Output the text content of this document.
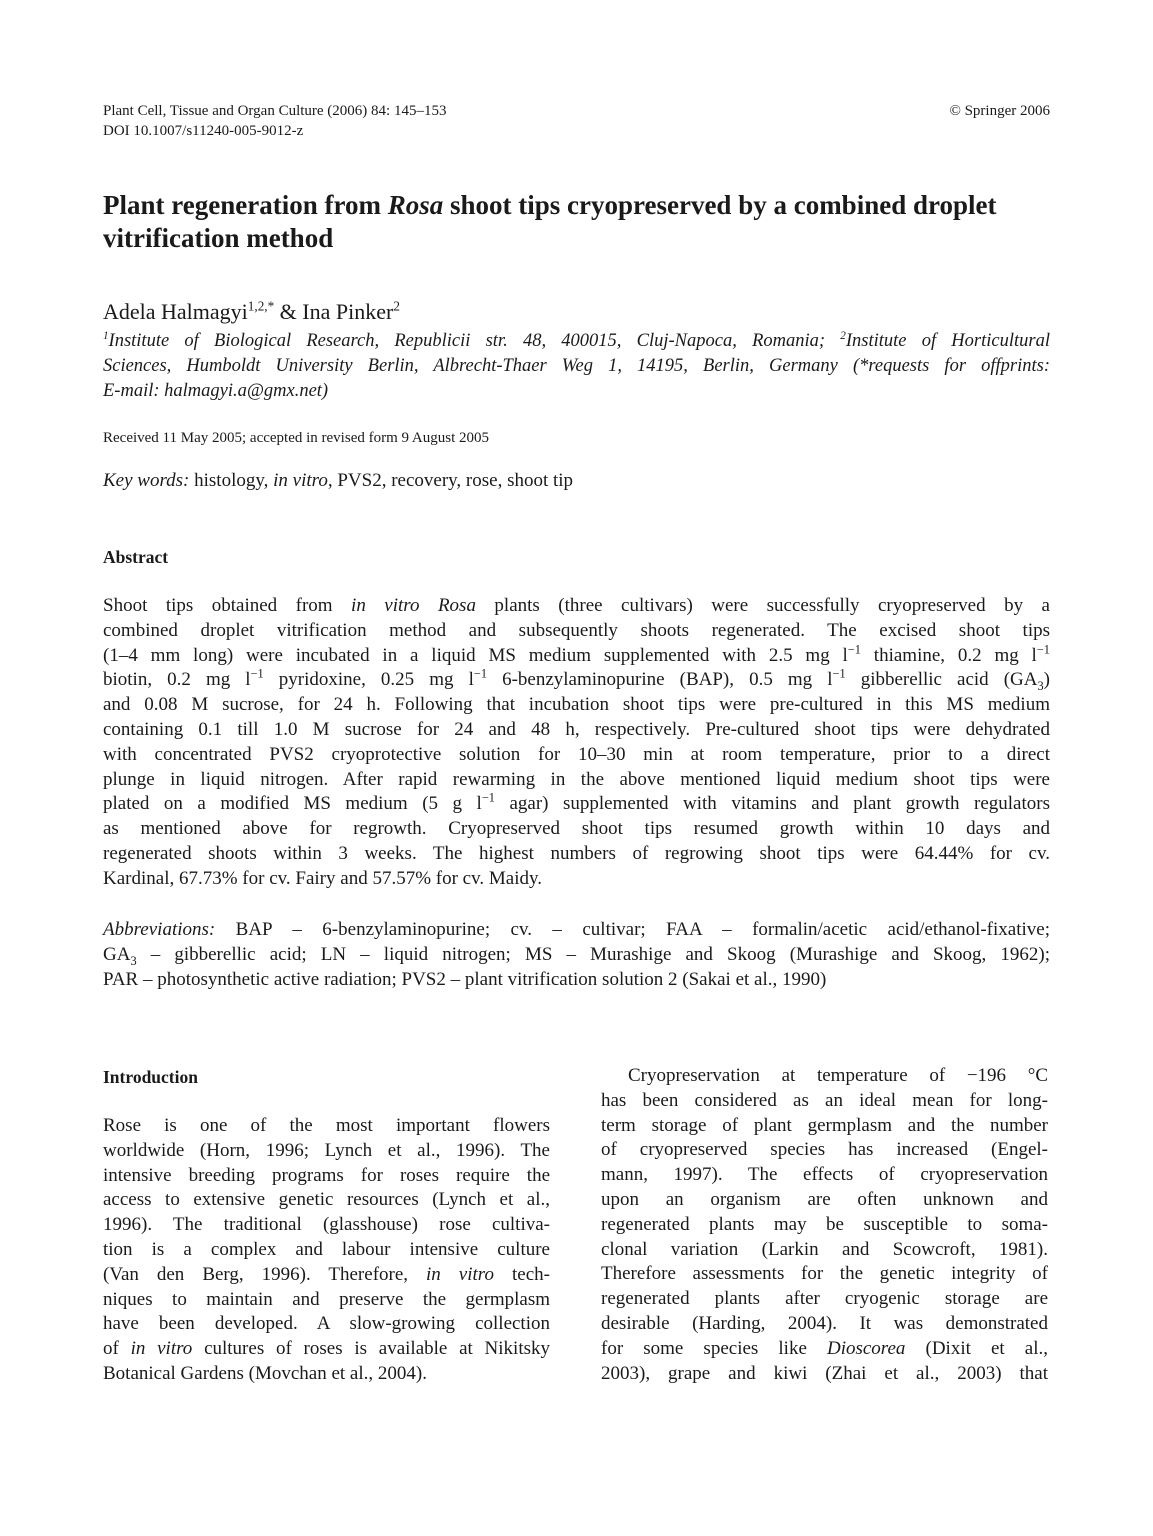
Plant Cell, Tissue and Organ Culture (2006) 84: 145–153
DOI 10.1007/s11240-005-9012-z
© Springer 2006
Plant regeneration from Rosa shoot tips cryopreserved by a combined droplet
vitrification method
Adela Halmagyi$^{1,2,*}$ & Ina Pinker$^2$
$^1$Institute of Biological Research, Republicii str. 48, 400015, Cluj-Napoca, Romania; $^2$Institute of Horticultural
Sciences, Humboldt University Berlin, Albrecht-Thaer Weg 1, 14195, Berlin, Germany (*requests for offprints:
E-mail: halmagyi.a@gmx.net)
Received 11 May 2005; accepted in revised form 9 August 2005
Key words: histology, in vitro, PVS2, recovery, rose, shoot tip
Abstract
Shoot tips obtained from in vitro Rosa plants (three cultivars) were successfully cryopreserved by a
combined droplet vitrification method and subsequently shoots regenerated. The excised shoot tips
(1–4 mm long) were incubated in a liquid MS medium supplemented with 2.5 mg $l^{-1}$ thiamine, 0.2 mg $l^{-1}$
biotin, 0.2 mg $l^{-1}$ pyridoxine, 0.25 mg $l^{-1}$ 6-benzylaminopurine (BAP), 0.5 mg $l^{-1}$ gibberellic acid $(GA_3)$
and 0.08 M sucrose, for 24 h. Following that incubation shoot tips were pre-cultured in this MS medium
containing 0.1 till 1.0 M sucrose for 24 and 48 h, respectively. Pre-cultured shoot tips were dehydrated
with concentrated PVS2 cryoprotective solution for 10–30 min at room temperature, prior to a direct
plunge in liquid nitrogen. After rapid rewarming in the above mentioned liquid medium shoot tips were
plated on a modified MS medium (5 g $l^{-1}$ agar) supplemented with vitamins and plant growth regulators
as mentioned above for regrowth. Cryopreserved shoot tips resumed growth within 10 days and
regenerated shoots within 3 weeks. The highest numbers of regrowing shoot tips were 64.44% for cv.
Kardinal, 67.73% for cv. Fairy and 57.57% for cv. Maidy.
Abbreviations: BAP – 6-benzylaminopurine; cv. – cultivar; FAA – formalin/acetic acid/ethanol-fixative;
$GA_3$ – gibberellic acid; LN – liquid nitrogen; MS – Murashige and Skoog (Murashige and Skoog, 1962);
PAR – photosynthetic active radiation; PVS2 – plant vitrification solution 2 (Sakai et al., 1990)
Introduction
Rose is one of the most important flowers
worldwide (Horn, 1996; Lynch et al., 1996). The
intensive breeding programs for roses require the
access to extensive genetic resources (Lynch et al.,
1996). The traditional (glasshouse) rose cultiva-
tion is a complex and labour intensive culture
(Van den Berg, 1996). Therefore, in vitro tech-
niques to maintain and preserve the germplasm
have been developed. A slow-growing collection
of in vitro cultures of roses is available at Nikitsky
Botanical Gardens (Movchan et al., 2004).
Cryopreservation at temperature of −196 °C
has been considered as an ideal mean for long-
term storage of plant germplasm and the number
of cryopreserved species has increased (Engel-
mann, 1997). The effects of cryopreservation
upon an organism are often unknown and
regenerated plants may be susceptible to soma-
clonal variation (Larkin and Scowcroft, 1981).
Therefore assessments for the genetic integrity of
regenerated plants after cryogenic storage are
desirable (Harding, 2004). It was demonstrated
for some species like Dioscorea (Dixit et al.,
2003), grape and kiwi (Zhai et al., 2003) that
